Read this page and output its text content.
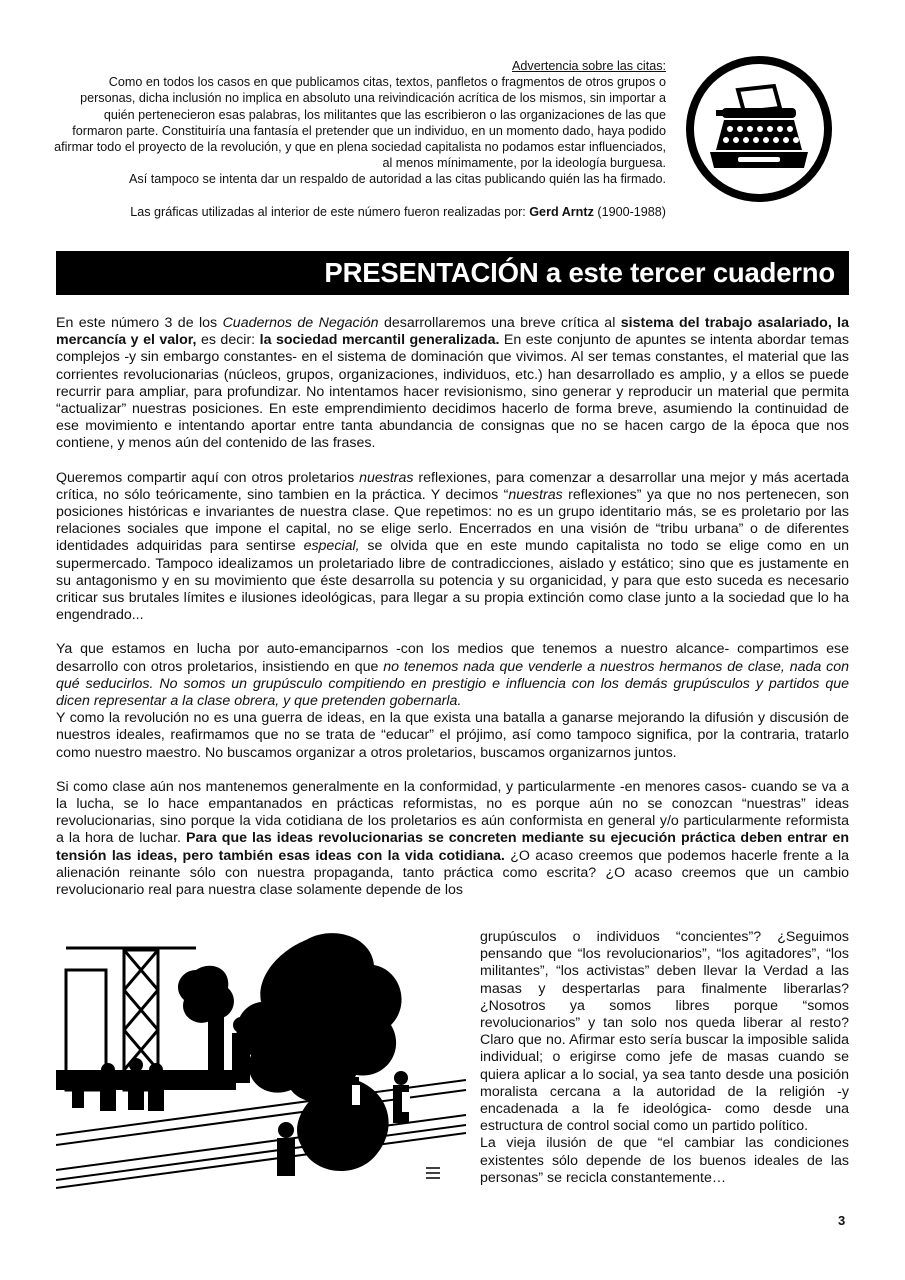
Advertencia sobre las citas:
Como en todos los casos en que publicamos citas, textos, panfletos o fragmentos de otros grupos o personas, dicha inclusión no implica en absoluto una reivindicación acrítica de los mismos, sin importar a quién pertenecieron esas palabras, los militantes que las escribieron o las organizaciones de las que formaron parte. Constituiría una fantasía el pretender que un individuo, en un momento dado, haya podido afirmar todo el proyecto de la revolución, y que en plena sociedad capitalista no podamos estar influenciados, al menos mínimamente, por la ideología burguesa.
Así tampoco se intenta dar un respaldo de autoridad a las citas publicando quién las ha firmado.
Las gráficas utilizadas al interior de este número fueron realizadas por: Gerd Arntz (1900-1988)
PRESENTACIÓN a este tercer cuaderno

En este número 3 de los Cuadernos de Negación desarrollaremos una breve crítica al sistema del trabajo asalariado, la mercancía y el valor, es decir: la sociedad mercantil generalizada. En este conjunto de apuntes se intenta abordar temas complejos -y sin embargo constantes- en el sistema de dominación que vivimos. Al ser temas constantes, el material que las corrientes revolucionarias (núcleos, grupos, organizaciones, individuos, etc.) han desarrollado es amplio, y a ellos se puede recurrir para ampliar, para profundizar. No intentamos hacer revisionismo, sino generar y reproducir un material que permita “actualizar” nuestras posiciones. En este emprendimiento decidimos hacerlo de forma breve, asumiendo la continuidad de ese movimiento e intentando aportar entre tanta abundancia de consignas que no se hacen cargo de la época que nos contiene, y menos aún del contenido de las frases.

Queremos compartir aquí con otros proletarios nuestras reflexiones, para comenzar a desarrollar una mejor y más acertada crítica, no sólo teóricamente, sino tambien en la práctica. Y decimos “nuestras reflexiones” ya que no nos pertenecen, son posiciones históricas e invariantes de nuestra clase. Que repetimos: no es un grupo identitario más, se es proletario por las relaciones sociales que impone el capital, no se elige serlo. Encerrados en una visión de “tribu urbana” o de diferentes identidades adquiridas para sentirse especial, se olvida que en este mundo capitalista no todo se elige como en un supermercado. Tampoco idealizamos un proletariado libre de contradicciones, aislado y estático; sino que es justamente en su antagonismo y en su movimiento que éste desarrolla su potencia y su organicidad, y para que esto suceda es necesario criticar sus brutales límites e ilusiones ideológicas, para llegar a su propia extinción como clase junto a la sociedad que lo ha engendrado...

Ya que estamos en lucha por auto-emanciparnos -con los medios que tenemos a nuestro alcance- compartimos ese desarrollo con otros proletarios, insistiendo en que no tenemos nada que venderle a nuestros hermanos de clase, nada con qué seducirlos. No somos un grupúsculo compitiendo en prestigio e influencia con los demás grupúsculos y partidos que dicen representar a la clase obrera, y que pretenden gobernarla.

Y como la revolución no es una guerra de ideas, en la que exista una batalla a ganarse mejorando la difusión y discusión de nuestros ideales, reafirmamos que no se trata de “educar” el prójimo, así como tampoco significa, por la contraria, tratarlo como nuestro maestro. No buscamos organizar a otros proletarios, buscamos organizarnos juntos.

Si como clase aún nos mantenemos generalmente en la conformidad, y particularmente -en menores casos- cuando se va a la lucha, se lo hace empantanados en prácticas reformistas, no es porque aún no se conozcan “nuestras” ideas revolucionarias, sino porque la vida cotidiana de los proletarios es aún conformista en general y/o particularmente reformista a la hora de luchar. Para que las ideas revolucionarias se concreten mediante su ejecución práctica deben entrar en tensión las ideas, pero también esas ideas con la vida cotidiana. ¿O acaso creemos que podemos hacerle frente a la alienación reinante sólo con nuestra propaganda, tanto práctica como escrita? ¿O acaso creemos que un cambio revolucionario real para nuestra clase solamente depende de los

grupúsculos o individuos “concientes”? ¿Seguimos pensando que “los revolucionarios”, “los agitadores”, “los militantes”, “los activistas” deben llevar la Verdad a las masas y despertarlas para finalmente liberarlas? ¿Nosotros ya somos libres porque “somos revolucionarios” y tan solo nos queda liberar al resto? Claro que no. Afirmar esto sería buscar la imposible salida individual; o erigirse como jefe de masas cuando se quiera aplicar a lo social, ya sea tanto desde una posición moralista cercana a la autoridad de la religión -y encadenada a la fe ideológica- como desde una estructura de control social como un partido político.

La vieja ilusión de que “el cambiar las condiciones existentes sólo depende de los buenos ideales de las personas” se recicla constantemente…

3
